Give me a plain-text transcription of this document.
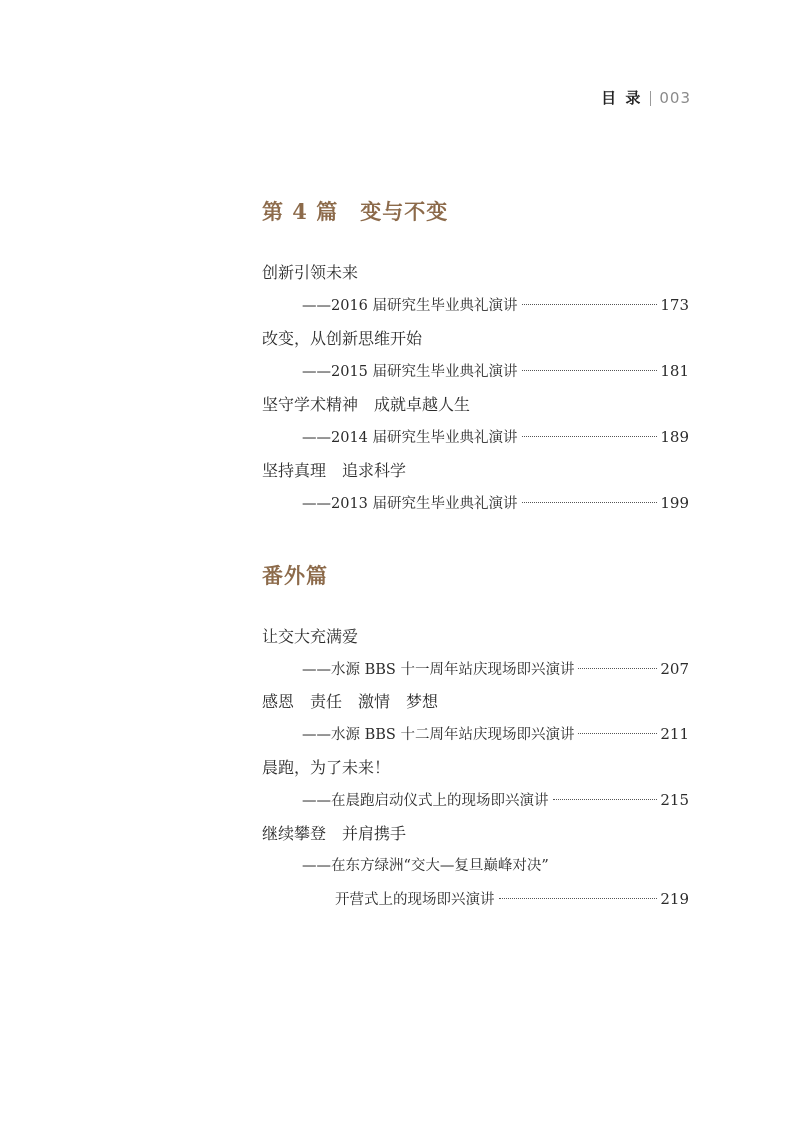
目 录 003
第 4 篇　变与不变
创新引领未来
——2016 届研究生毕业典礼演讲	173
改变，从创新思维开始
——2015 届研究生毕业典礼演讲	181
坚守学术精神　成就卓越人生
——2014 届研究生毕业典礼演讲	189
坚持真理　追求科学
——2013 届研究生毕业典礼演讲	199
番外篇
让交大充满爱
——水源 BBS 十一周年站庆现场即兴演讲	207
感恩　责任　激情　梦想
——水源 BBS 十二周年站庆现场即兴演讲	211
晨跑，为了未来！
——在晨跑启动仪式上的现场即兴演讲	215
继续攀登　并肩携手
——在东方绿洲“交大—复旦巅峰对决”
开营式上的现场即兴演讲	219
